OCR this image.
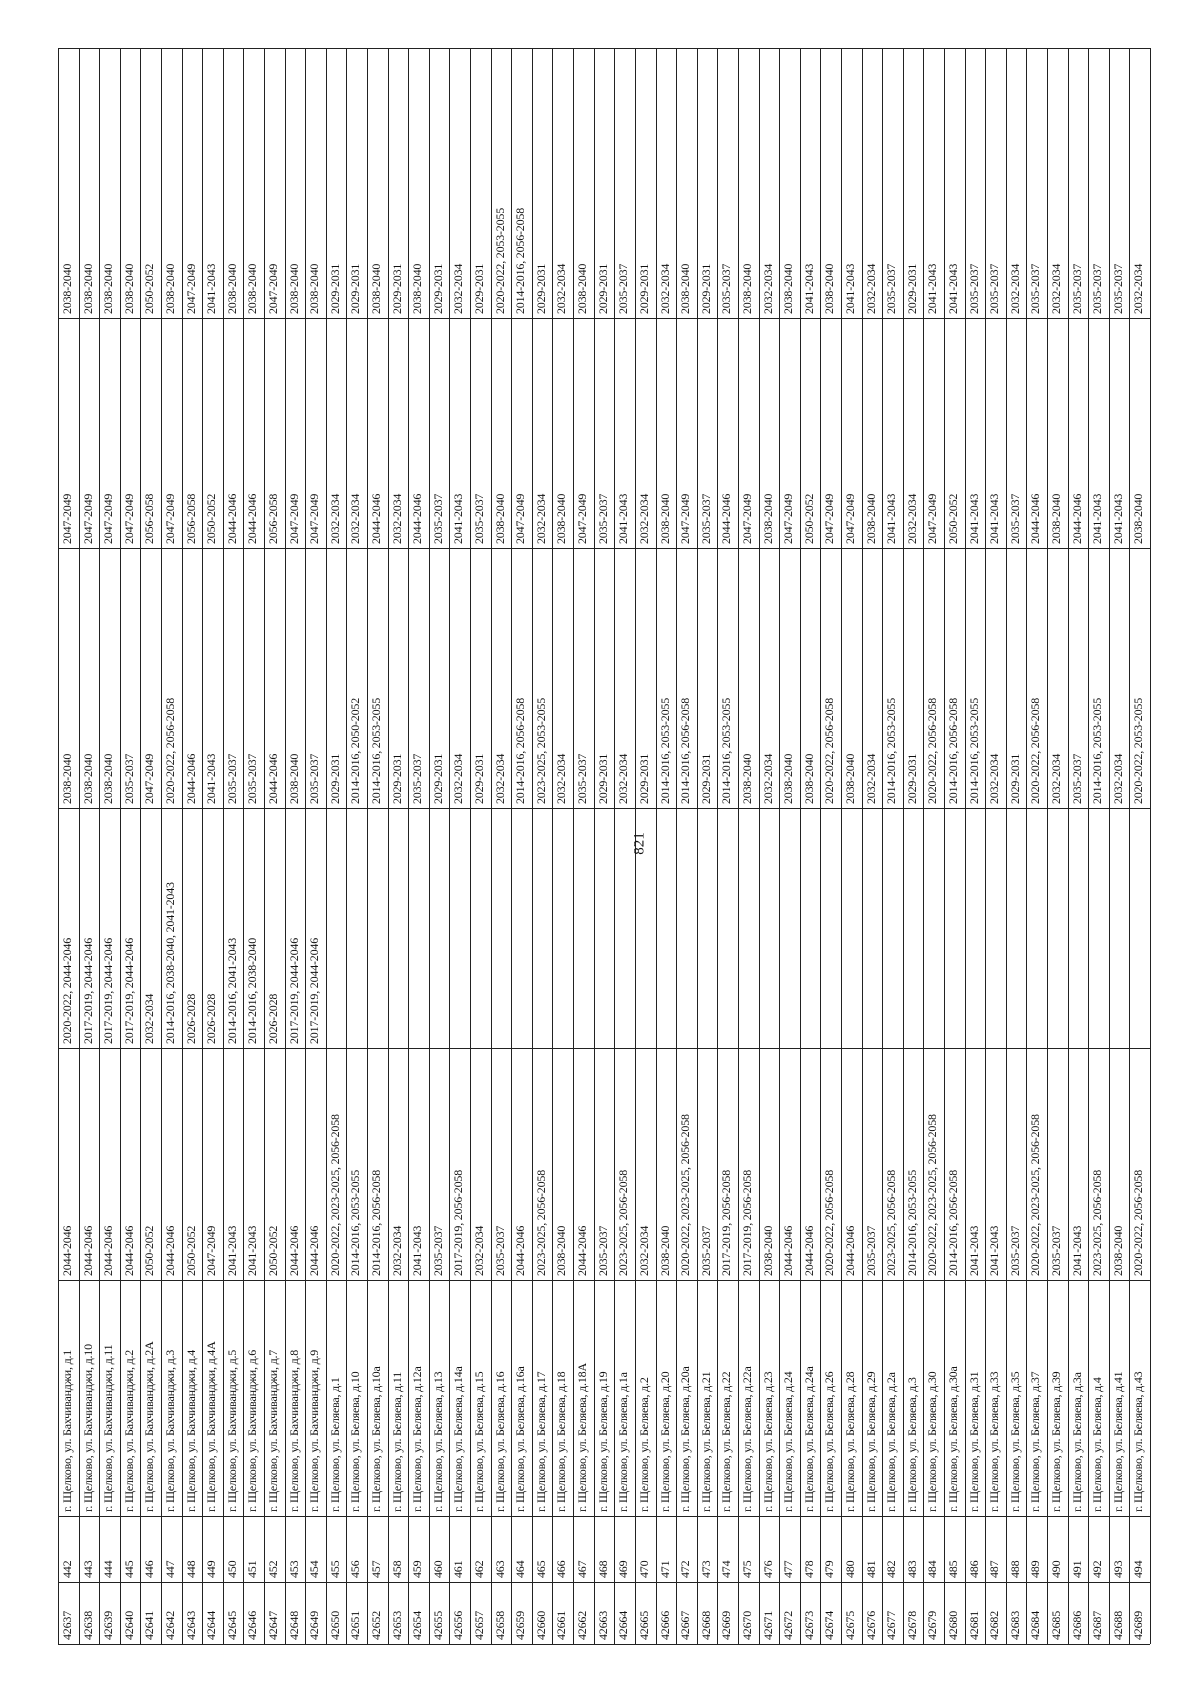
42637
442
г. Щелково, ул. Бахчиванджи, д.1
2044-2046
2020-2022, 2044-2046
2038-2040
2047-2049
2038-2040
42638
443
г. Щелково, ул. Бахчиванджи, д.10
2044-2046
2017-2019, 2044-2046
2038-2040
2047-2049
2038-2040
42639
444
г. Щелково, ул. Бахчиванджи, д.11
2044-2046
2017-2019, 2044-2046
2038-2040
2047-2049
2038-2040
42640
445
г. Щелково, ул. Бахчиванджи, д.2
2044-2046
2017-2019, 2044-2046
2035-2037
2047-2049
2038-2040
42641
446
г. Щелково, ул. Бахчиванджи, д.2А
2050-2052
2032-2034
2047-2049
2056-2058
2050-2052
42642
447
г. Щелково, ул. Бахчиванджи, д.3
2044-2046
2014-2016, 2038-2040, 2041-2043
2020-2022, 2056-2058
2047-2049
2038-2040
42643
448
г. Щелково, ул. Бахчиванджи, д.4
2050-2052
2026-2028
2044-2046
2056-2058
2047-2049
42644
449
г. Щелково, ул. Бахчиванджи, д.4А
2047-2049
2026-2028
2041-2043
2050-2052
2041-2043
42645
450
г. Щелково, ул. Бахчиванджи, д.5
2041-2043
2014-2016, 2041-2043
2035-2037
2044-2046
2038-2040
42646
451
г. Щелково, ул. Бахчиванджи, д.6
2041-2043
2014-2016, 2038-2040
2035-2037
2044-2046
2038-2040
42647
452
г. Щелково, ул. Бахчиванджи, д.7
2050-2052
2026-2028
2044-2046
2056-2058
2047-2049
42648
453
г. Щелково, ул. Бахчиванджи, д.8
2044-2046
2017-2019, 2044-2046
2038-2040
2047-2049
2038-2040
42649
454
г. Щелково, ул. Бахчиванджи, д.9
2044-2046
2017-2019, 2044-2046
2035-2037
2047-2049
2038-2040
42650
455
г. Щелково, ул. Беляева, д.1
2020-2022, 2023-2025, 2056-2058
2029-2031
2032-2034
2029-2031
42651
456
г. Щелково, ул. Беляева, д.10
2014-2016, 2053-2055
2014-2016, 2050-2052
2032-2034
2029-2031
42652
457
г. Щелково, ул. Беляева, д.10а
2014-2016, 2056-2058
2014-2016, 2053-2055
2044-2046
2038-2040
42653
458
г. Щелково, ул. Беляева, д.11
2032-2034
2029-2031
2032-2034
2029-2031
42654
459
г. Щелково, ул. Беляева, д.12а
2041-2043
2035-2037
2044-2046
2038-2040
42655
460
г. Щелково, ул. Беляева, д.13
2035-2037
2029-2031
2035-2037
2029-2031
42656
461
г. Щелково, ул. Беляева, д.14а
2017-2019, 2056-2058
2032-2034
2041-2043
2032-2034
42657
462
г. Щелково, ул. Беляева, д.15
2032-2034
2029-2031
2035-2037
2029-2031
42658
463
г. Щелково, ул. Беляева, д.16
2035-2037
2032-2034
2038-2040
2020-2022, 2053-2055
42659
464
г. Щелково, ул. Беляева, д.16а
2044-2046
2014-2016, 2056-2058
2047-2049
2014-2016, 2056-2058
42660
465
г. Щелково, ул. Беляева, д.17
2023-2025, 2056-2058
2023-2025, 2053-2055
2032-2034
2029-2031
42661
466
г. Щелково, ул. Беляева, д.18
2038-2040
2032-2034
2038-2040
2032-2034
42662
467
г. Щелково, ул. Беляева, д.18А
2044-2046
2035-2037
2047-2049
2038-2040
42663
468
г. Щелково, ул. Беляева, д.19
2035-2037
2029-2031
2035-2037
2029-2031
42664
469
г. Щелково, ул. Беляева, д.1а
2023-2025, 2056-2058
2032-2034
2041-2043
2035-2037
42665
470
г. Щелково, ул. Беляева, д.2
2032-2034
2029-2031
2032-2034
2029-2031
42666
471
г. Щелково, ул. Беляева, д.20
2038-2040
2014-2016, 2053-2055
2038-2040
2032-2034
42667
472
г. Щелково, ул. Беляева, д.20а
2020-2022, 2023-2025, 2056-2058
2014-2016, 2056-2058
2047-2049
2038-2040
42668
473
г. Щелково, ул. Беляева, д.21
2035-2037
2029-2031
2035-2037
2029-2031
42669
474
г. Щелково, ул. Беляева, д.22
2017-2019, 2056-2058
2014-2016, 2053-2055
2044-2046
2035-2037
42670
475
г. Щелково, ул. Беляева, д.22а
2017-2019, 2056-2058
2038-2040
2047-2049
2038-2040
42671
476
г. Щелково, ул. Беляева, д.23
2038-2040
2032-2034
2038-2040
2032-2034
42672
477
г. Щелково, ул. Беляева, д.24
2044-2046
2038-2040
2047-2049
2038-2040
42673
478
г. Щелково, ул. Беляева, д.24а
2044-2046
2038-2040
2050-2052
2041-2043
42674
479
г. Щелково, ул. Беляева, д.26
2020-2022, 2056-2058
2020-2022, 2056-2058
2047-2049
2038-2040
42675
480
г. Щелково, ул. Беляева, д.28
2044-2046
2038-2040
2047-2049
2041-2043
42676
481
г. Щелково, ул. Беляева, д.29
2035-2037
2032-2034
2038-2040
2032-2034
42677
482
г. Щелково, ул. Беляева, д.2а
2023-2025, 2056-2058
2014-2016, 2053-2055
2041-2043
2035-2037
42678
483
г. Щелково, ул. Беляева, д.3
2014-2016, 2053-2055
2029-2031
2032-2034
2029-2031
42679
484
г. Щелково, ул. Беляева, д.30
2020-2022, 2023-2025, 2056-2058
2020-2022, 2056-2058
2047-2049
2041-2043
42680
485
г. Щелково, ул. Беляева, д.30а
2014-2016, 2056-2058
2014-2016, 2056-2058
2050-2052
2041-2043
42681
486
г. Щелково, ул. Беляева, д.31
2041-2043
2014-2016, 2053-2055
2041-2043
2035-2037
42682
487
г. Щелково, ул. Беляева, д.33
2041-2043
2032-2034
2041-2043
2035-2037
42683
488
г. Щелково, ул. Беляева, д.35
2035-2037
2029-2031
2035-2037
2032-2034
42684
489
г. Щелково, ул. Беляева, д.37
2020-2022, 2023-2025, 2056-2058
2020-2022, 2056-2058
2044-2046
2035-2037
42685
490
г. Щелково, ул. Беляева, д.39
2035-2037
2032-2034
2038-2040
2032-2034
42686
491
г. Щелково, ул. Беляева, д.3а
2041-2043
2035-2037
2044-2046
2035-2037
42687
492
г. Щелково, ул. Беляева, д.4
2023-2025, 2056-2058
2014-2016, 2053-2055
2041-2043
2035-2037
42688
493
г. Щелково, ул. Беляева, д.41
2038-2040
2032-2034
2041-2043
2035-2037
42689
494
г. Щелково, ул. Беляева, д.43
2020-2022, 2056-2058
2020-2022, 2053-2055
2038-2040
2032-2034
821
